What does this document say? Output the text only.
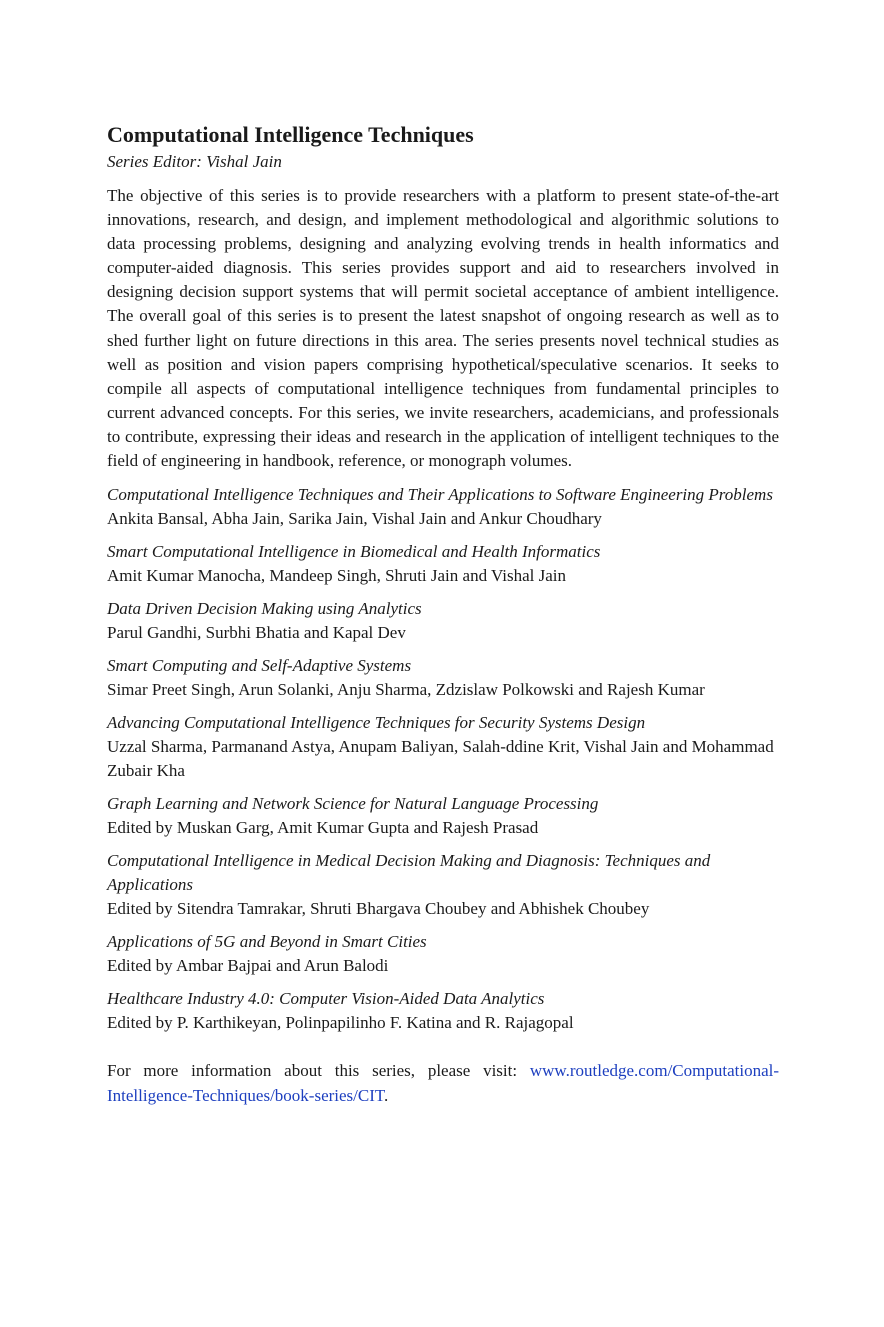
Computational Intelligence Techniques

Series Editor: Vishal Jain

The objective of this series is to provide researchers with a platform to present state-of-the-art innovations, research, and design, and implement methodological and algorithmic solutions to data processing problems, designing and analyzing evolving trends in health informatics and computer-aided diagnosis. This series provides support and aid to researchers involved in designing decision support systems that will permit societal acceptance of ambient intelligence. The overall goal of this series is to present the latest snapshot of ongoing research as well as to shed further light on future directions in this area. The series presents novel technical studies as well as position and vision papers comprising hypothetical/speculative scenarios. It seeks to compile all aspects of computational intelligence techniques from fundamental principles to current advanced concepts. For this series, we invite researchers, academicians, and professionals to contribute, expressing their ideas and research in the application of intelligent techniques to the field of engineering in handbook, reference, or monograph volumes.

Computational Intelligence Techniques and Their Applications to Software Engineering Problems
Ankita Bansal, Abha Jain, Sarika Jain, Vishal Jain and Ankur Choudhary
Smart Computational Intelligence in Biomedical and Health Informatics
Amit Kumar Manocha, Mandeep Singh, Shruti Jain and Vishal Jain
Data Driven Decision Making using Analytics
Parul Gandhi, Surbhi Bhatia and Kapal Dev
Smart Computing and Self-Adaptive Systems
Simar Preet Singh, Arun Solanki, Anju Sharma, Zdzislaw Polkowski and Rajesh Kumar
Advancing Computational Intelligence Techniques for Security Systems Design
Uzzal Sharma, Parmanand Astya, Anupam Baliyan, Salah-ddine Krit, Vishal Jain and Mohammad Zubair Kha
Graph Learning and Network Science for Natural Language Processing
Edited by Muskan Garg, Amit Kumar Gupta and Rajesh Prasad
Computational Intelligence in Medical Decision Making and Diagnosis: Techniques and Applications
Edited by Sitendra Tamrakar, Shruti Bhargava Choubey and Abhishek Choubey
Applications of 5G and Beyond in Smart Cities
Edited by Ambar Bajpai and Arun Balodi
Healthcare Industry 4.0: Computer Vision-Aided Data Analytics
Edited by P. Karthikeyan, Polinpapilinho F. Katina and R. Rajagopal

For more information about this series, please visit: www.routledge.com/Computational-Intelligence-Techniques/book-series/CIT.
